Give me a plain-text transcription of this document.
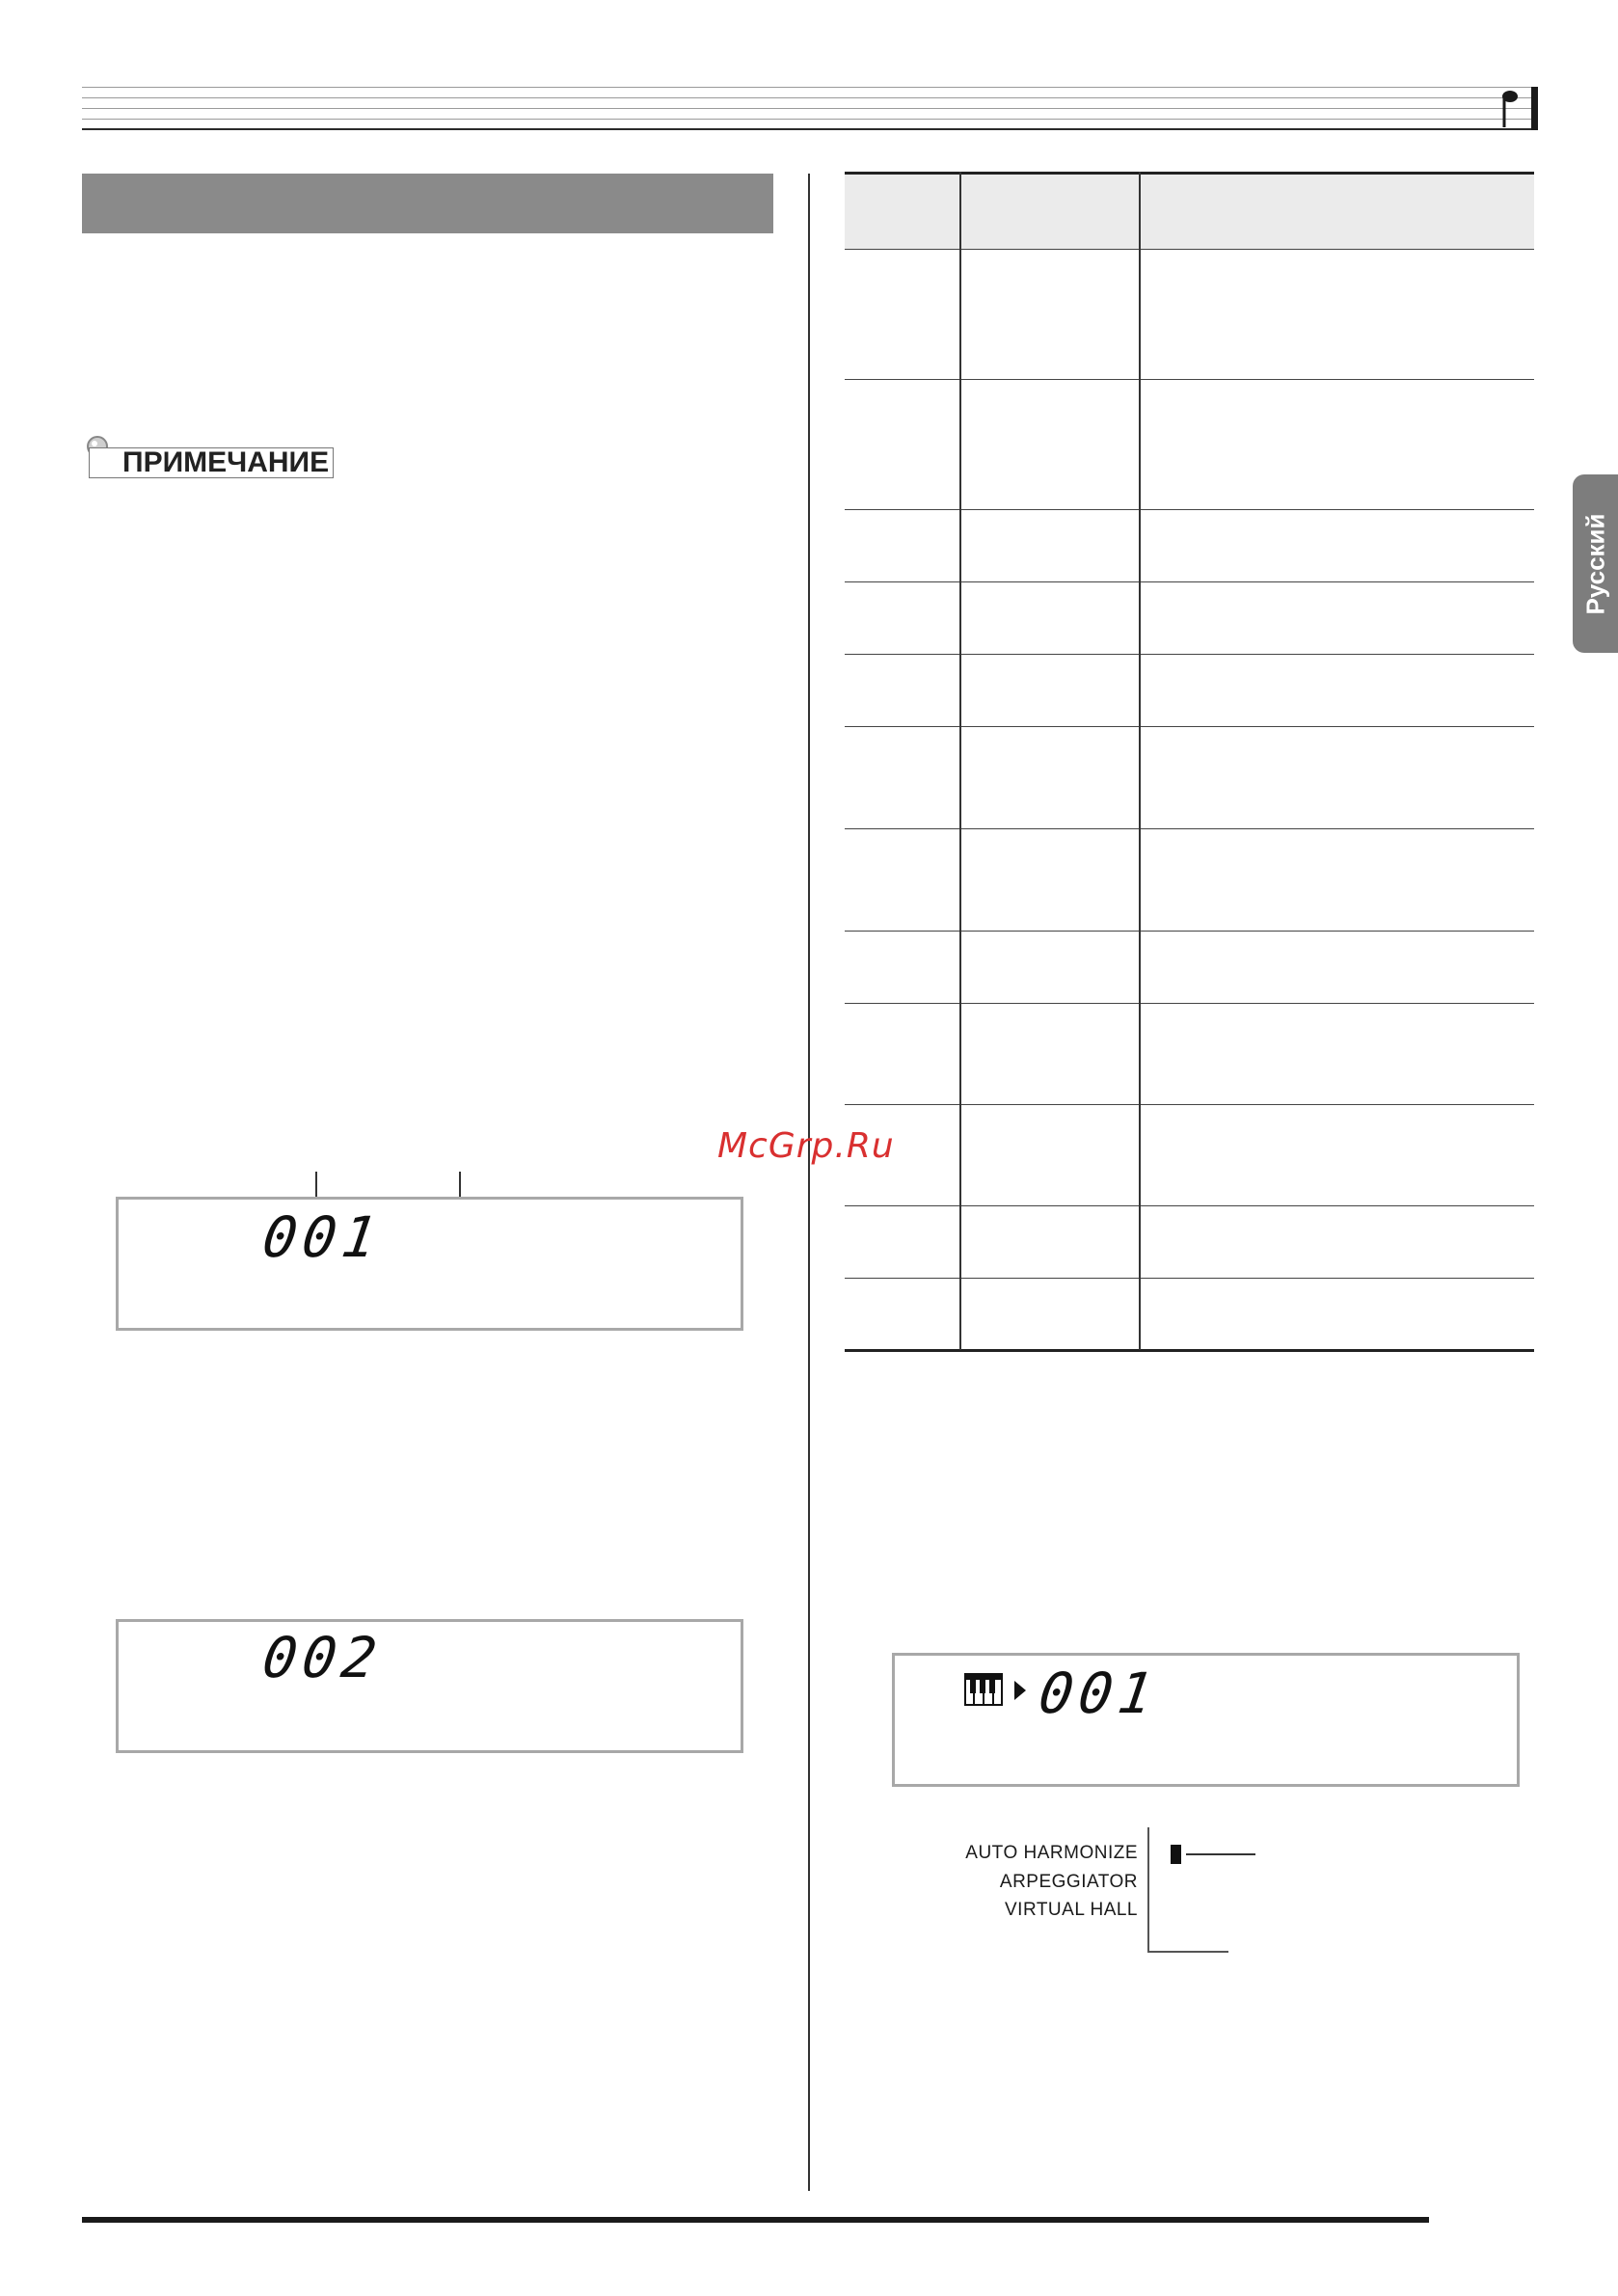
ПРИМЕЧАНИЕ
001
002
McGrp.Ru
Русский
001
AUTO HARMONIZE
ARPEGGIATOR
VIRTUAL HALL
